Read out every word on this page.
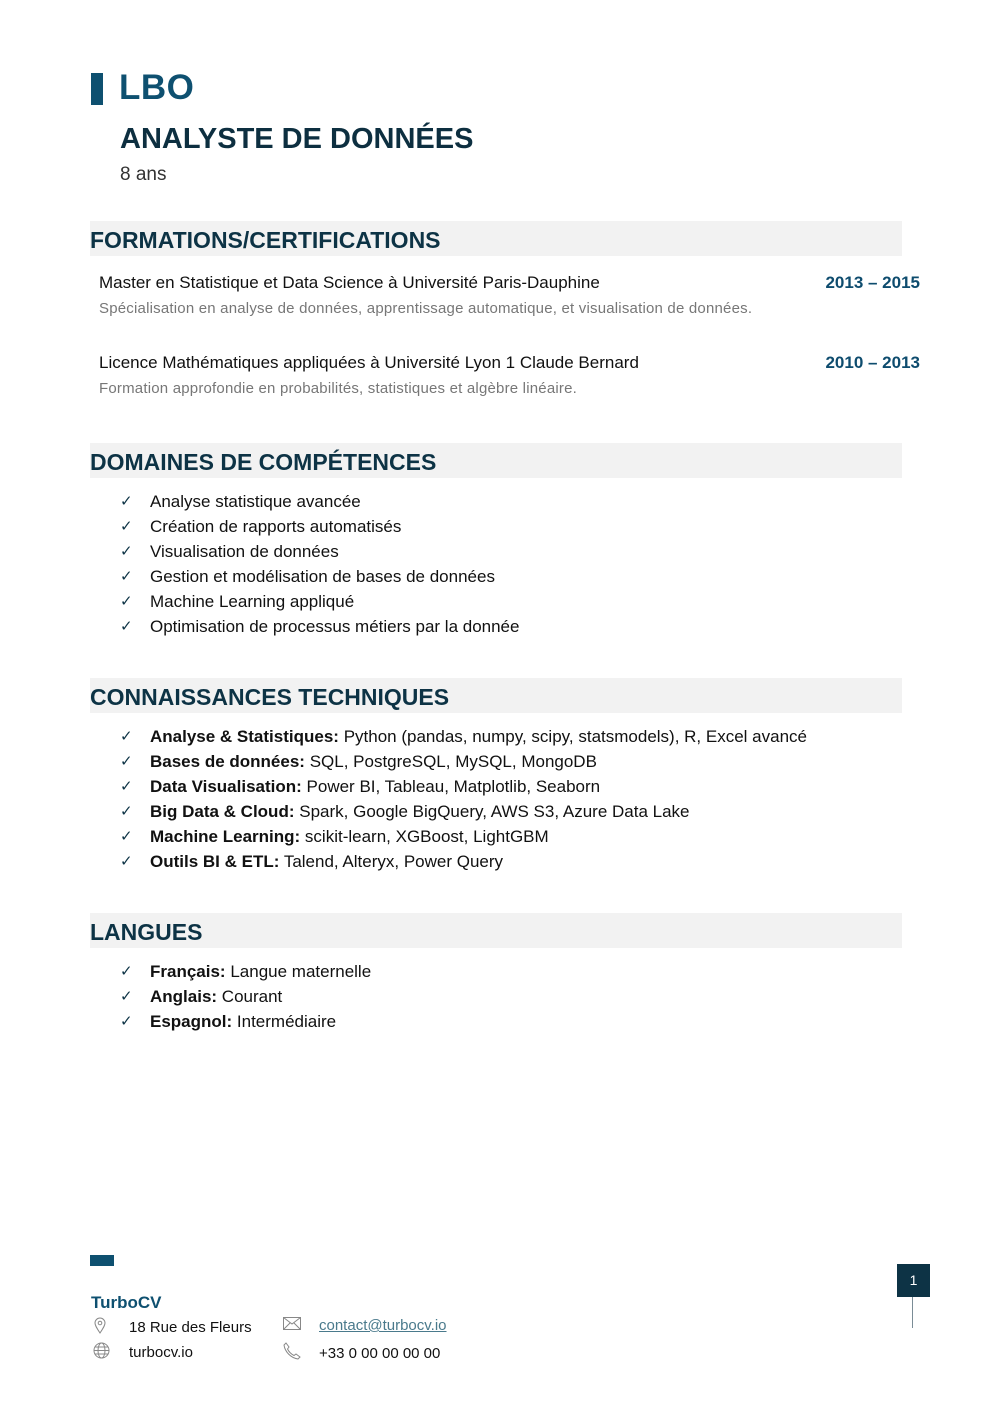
LBO
ANALYSTE DE DONNÉES
8 ans
FORMATIONS/CERTIFICATIONS
Master en Statistique et Data Science à Université Paris-Dauphine	2013 – 2015
Spécialisation en analyse de données, apprentissage automatique, et visualisation de données.
Licence Mathématiques appliquées à Université Lyon 1 Claude Bernard	2010 – 2013
Formation approfondie en probabilités, statistiques et algèbre linéaire.
DOMAINES DE COMPÉTENCES
✓	Analyse statistique avancée
✓	Création de rapports automatisés
✓	Visualisation de données
✓	Gestion et modélisation de bases de données
✓	Machine Learning appliqué
✓	Optimisation de processus métiers par la donnée
CONNAISSANCES TECHNIQUES
✓	Analyse & Statistiques: Python (pandas, numpy, scipy, statsmodels), R, Excel avancé
✓	Bases de données: SQL, PostgreSQL, MySQL, MongoDB
✓	Data Visualisation: Power BI, Tableau, Matplotlib, Seaborn
✓	Big Data & Cloud: Spark, Google BigQuery, AWS S3, Azure Data Lake
✓	Machine Learning: scikit-learn, XGBoost, LightGBM
✓	Outils BI & ETL: Talend, Alteryx, Power Query
LANGUES
✓	Français: Langue maternelle
✓	Anglais: Courant
✓	Espagnol: Intermédiaire
TurboCV
18 Rue des Fleurs
turbocv.io
contact@turbocv.io
+33 0 00 00 00 00
1
